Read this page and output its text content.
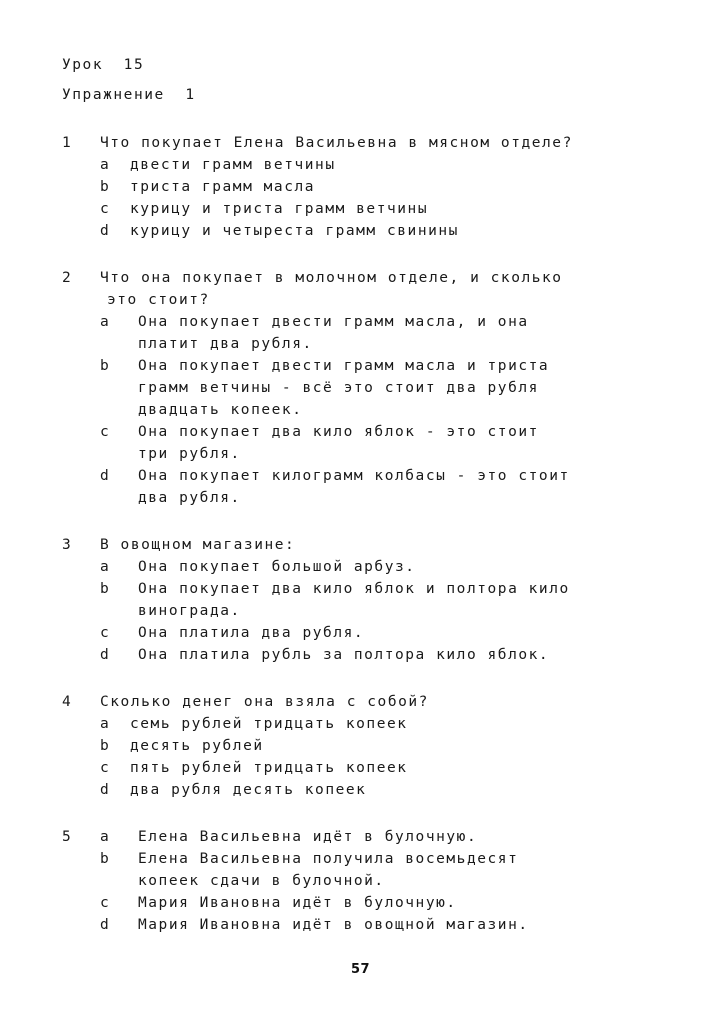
Урок  15
Упражнение  1
1	Что покупает Елена Васильевна в мясном отделе?
a двести грамм ветчины
b триста грамм масла
c курицу и триста грамм ветчины
d курицу и четыреста грамм свинины
2	Что она покупает в молочном отделе, и сколько
это стоит?
a Она покупает двести грамм масла, и она
платит два рубля.
b Она покупает двести грамм масла и триста
грамм ветчины - всё это стоит два рубля
двадцать копеек.
c Она покупает два кило яблок - это стоит
три рубля.
d Она покупает килограмм колбасы - это стоит
два рубля.
3	В овощном магазине:
a Она покупает большой арбуз.
b Она покупает два кило яблок и полтора кило
винограда.
c Она платила два рубля.
d Она платила рубль за полтора кило яблок.
4	Сколько денег она взяла с собой?
a семь рублей тридцать копеек
b десять рублей
c пять рублей тридцать копеек
d два рубля десять копеек
5	a Елена Васильевна идёт в булочную.
b Елена Васильевна получила восемьдесят
копеек сдачи в булочной.
c Мария Ивановна идёт в булочную.
d Мария Ивановна идёт в овощной магазин.
57
